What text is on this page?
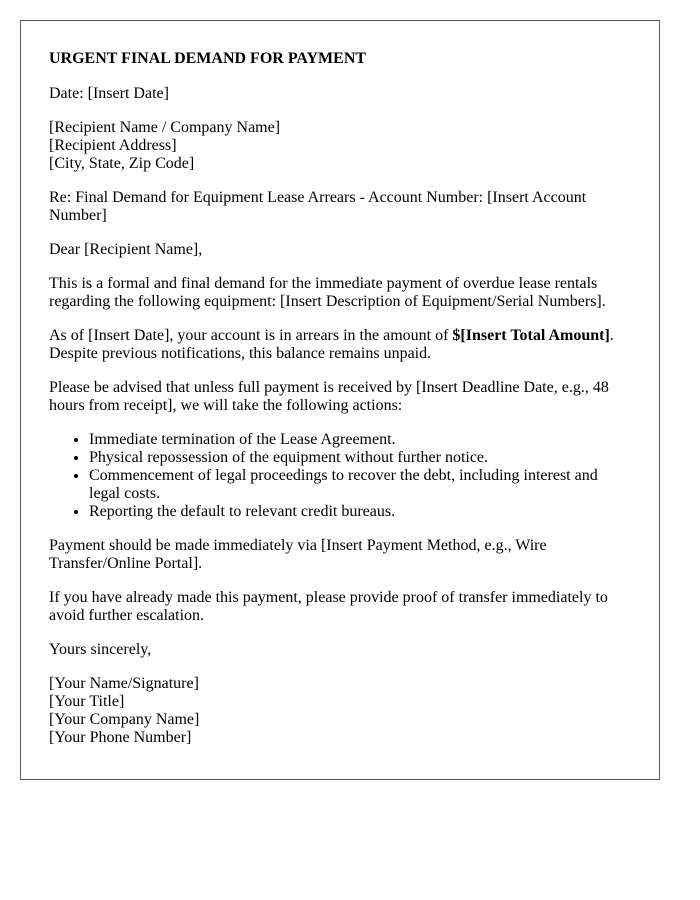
URGENT FINAL DEMAND FOR PAYMENT

Date: [Insert Date]

[Recipient Name / Company Name]
[Recipient Address]
[City, State, Zip Code]

Re: Final Demand for Equipment Lease Arrears - Account Number: [Insert Account Number]

Dear [Recipient Name],

This is a formal and final demand for the immediate payment of overdue lease rentals regarding the following equipment: [Insert Description of Equipment/Serial Numbers].

As of [Insert Date], your account is in arrears in the amount of $[Insert Total Amount]. Despite previous notifications, this balance remains unpaid.

Please be advised that unless full payment is received by [Insert Deadline Date, e.g., 48 hours from receipt], we will take the following actions:

• Immediate termination of the Lease Agreement.
• Physical repossession of the equipment without further notice.
• Commencement of legal proceedings to recover the debt, including interest and legal costs.
• Reporting the default to relevant credit bureaus.

Payment should be made immediately via [Insert Payment Method, e.g., Wire Transfer/Online Portal].

If you have already made this payment, please provide proof of transfer immediately to avoid further escalation.

Yours sincerely,

[Your Name/Signature]
[Your Title]
[Your Company Name]
[Your Phone Number]
